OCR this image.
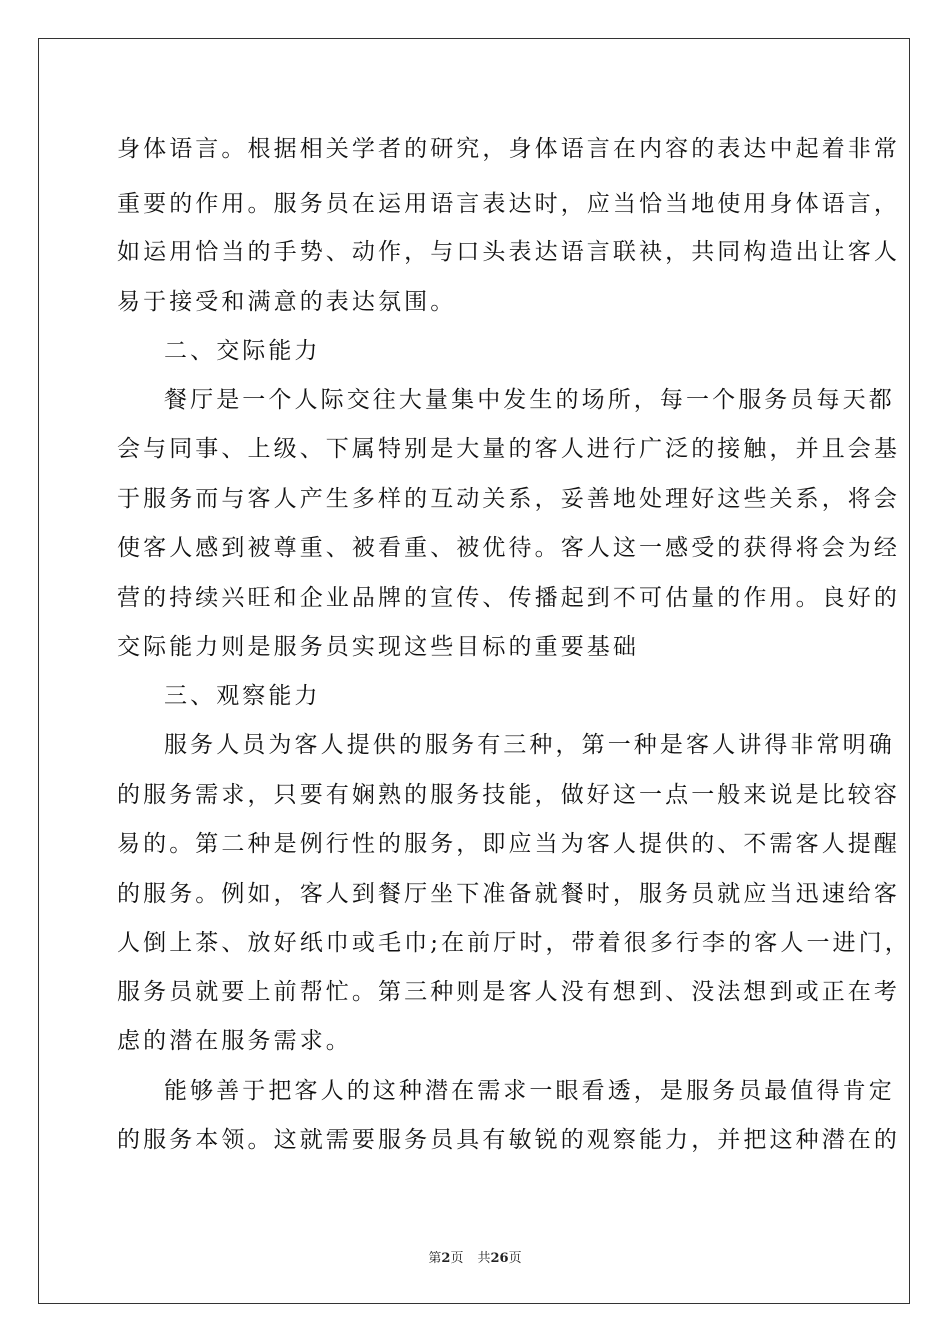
身体语言。根据相关学者的研究，身体语言在内容的表达中起着非常
重要的作用。服务员在运用语言表达时，应当恰当地使用身体语言，
如运用恰当的手势、动作，与口头表达语言联袂，共同构造出让客人
易于接受和满意的表达氛围。
二、交际能力
餐厅是一个人际交往大量集中发生的场所，每一个服务员每天都
会与同事、上级、下属特别是大量的客人进行广泛的接触，并且会基
于服务而与客人产生多样的互动关系，妥善地处理好这些关系，将会
使客人感到被尊重、被看重、被优待。客人这一感受的获得将会为经
营的持续兴旺和企业品牌的宣传、传播起到不可估量的作用。良好的
交际能力则是服务员实现这些目标的重要基础
三、观察能力
服务人员为客人提供的服务有三种，第一种是客人讲得非常明确
的服务需求，只要有娴熟的服务技能，做好这一点一般来说是比较容
易的。第二种是例行性的服务，即应当为客人提供的、不需客人提醒
的服务。例如，客人到餐厅坐下准备就餐时，服务员就应当迅速给客
人倒上茶、放好纸巾或毛巾;在前厅时，带着很多行李的客人一进门，
服务员就要上前帮忙。第三种则是客人没有想到、没法想到或正在考
虑的潜在服务需求。
能够善于把客人的这种潜在需求一眼看透，是服务员最值得肯定
的服务本领。这就需要服务员具有敏锐的观察能力，并把这种潜在的
第2页 共26页
